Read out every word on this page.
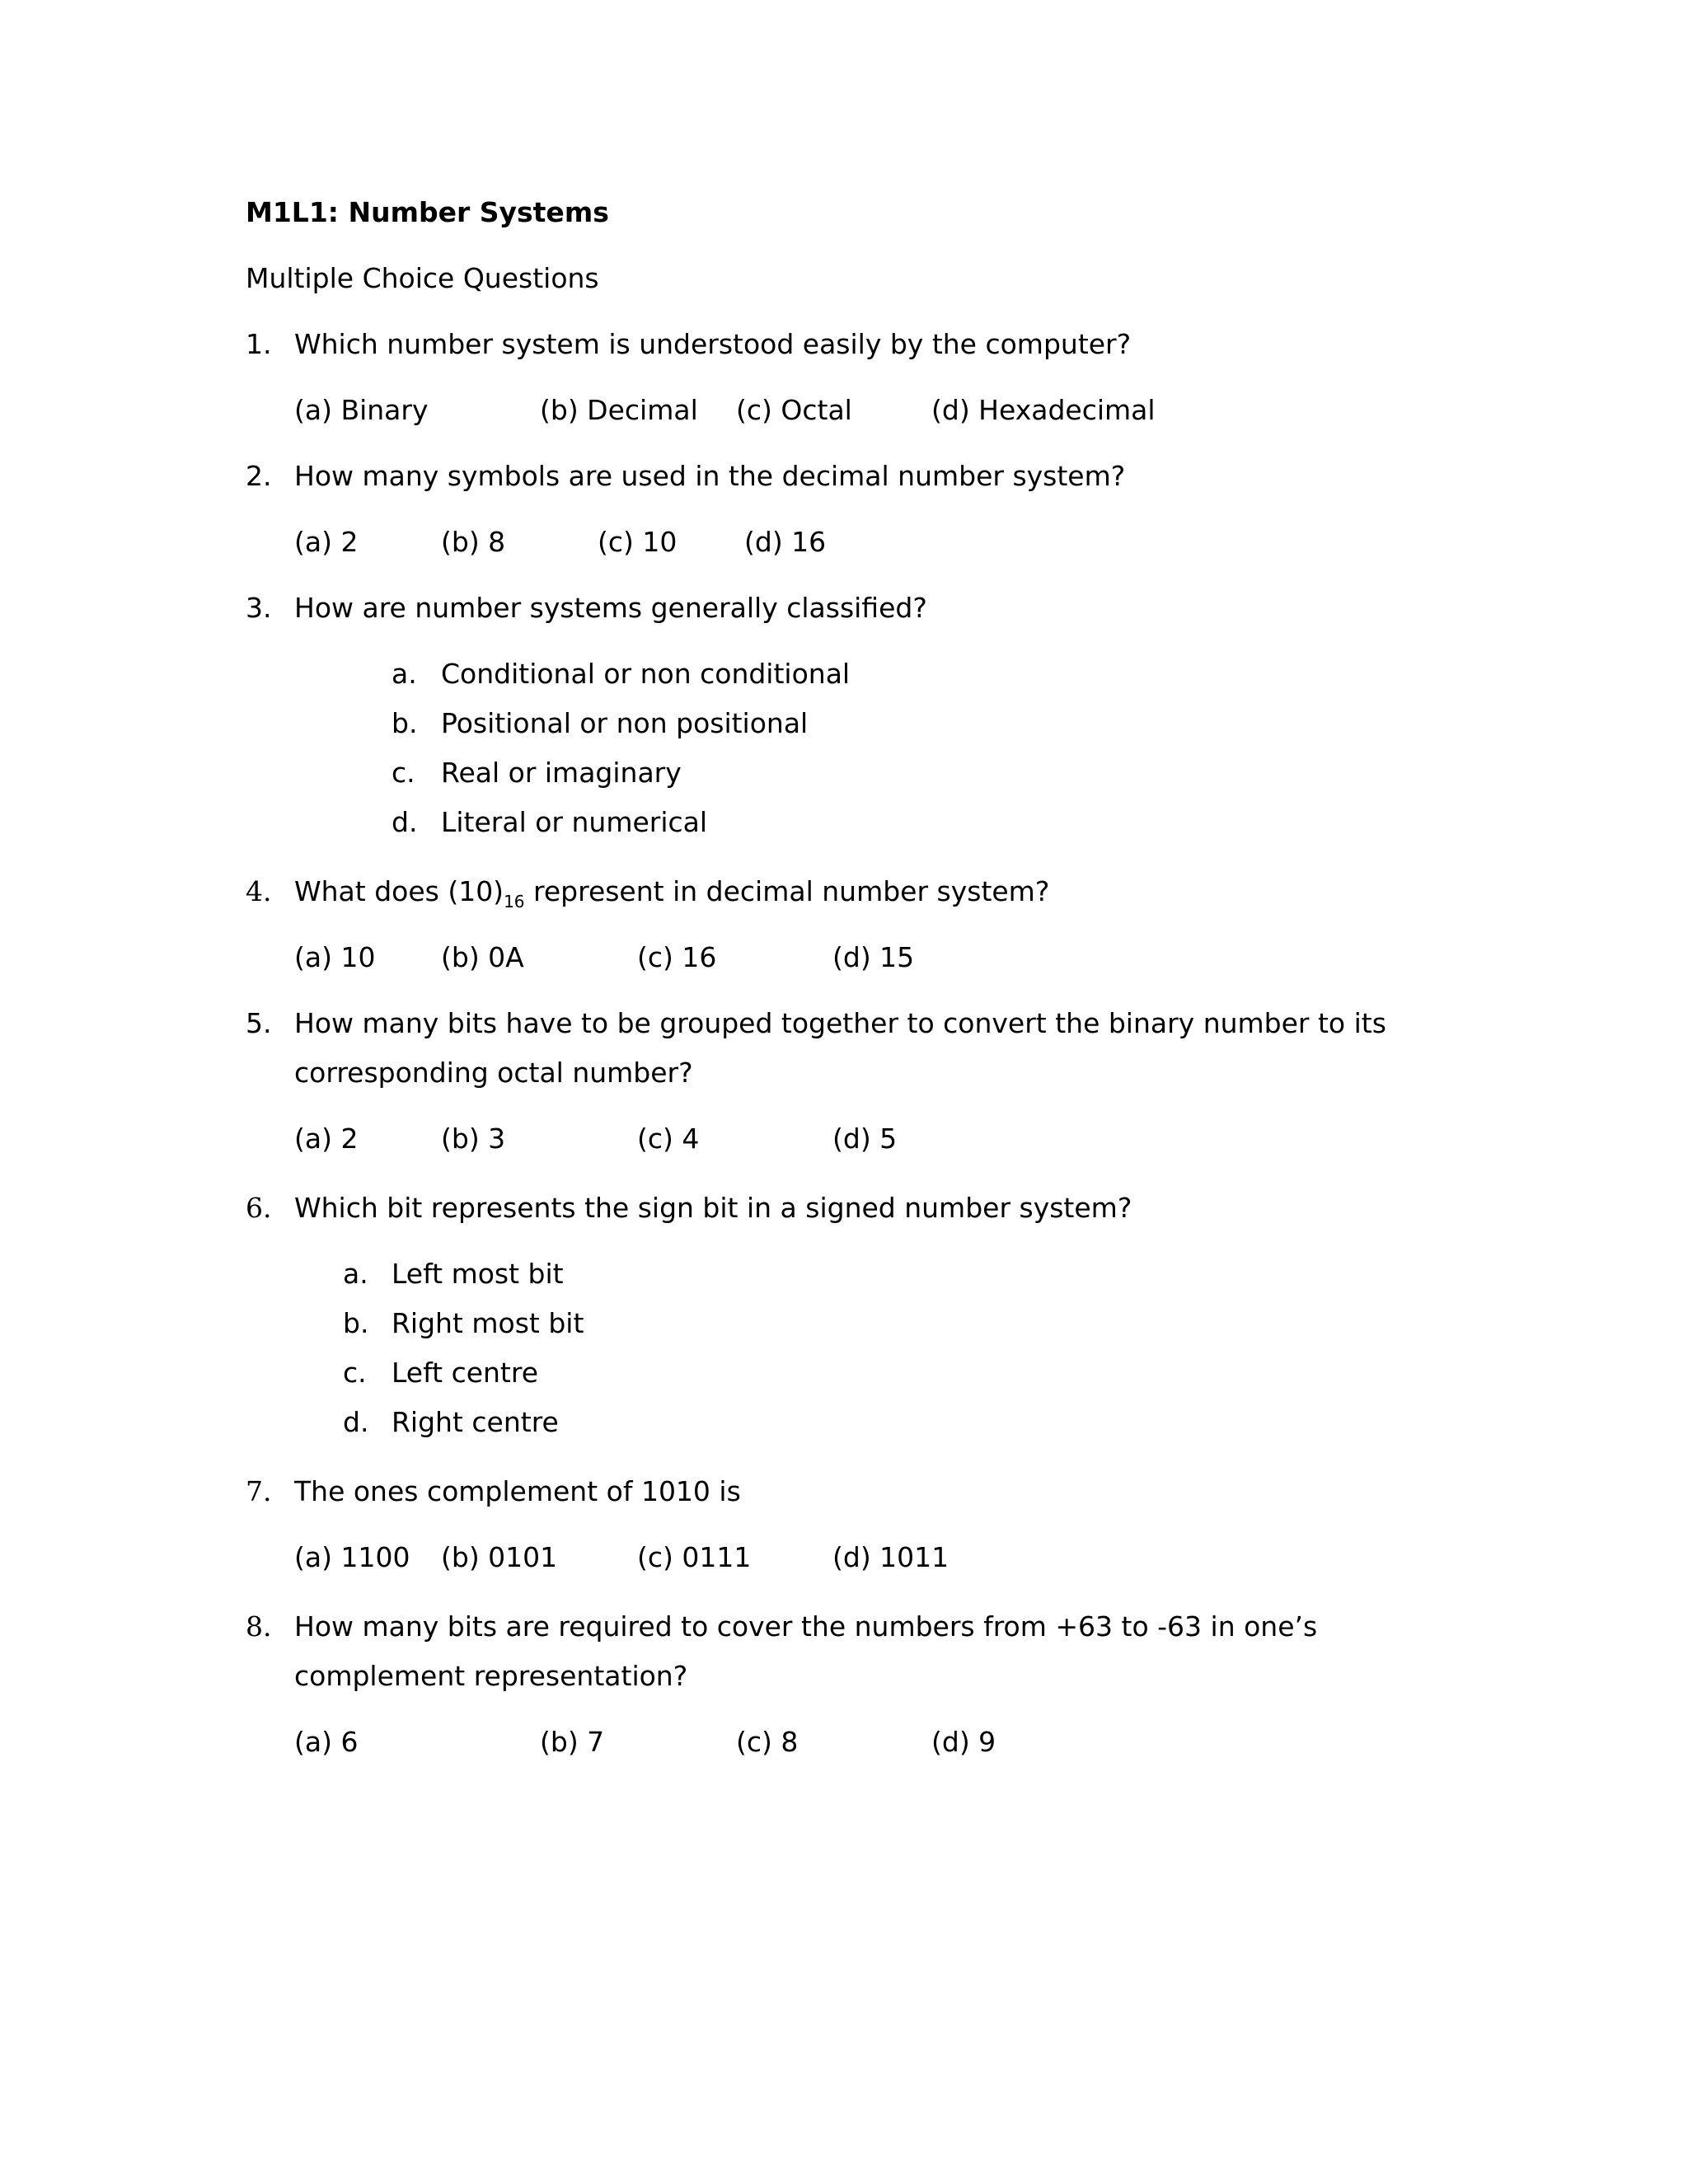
M1L1: Number Systems
Multiple Choice Questions
1. Which number system is understood easily by the computer?
(a) Binary	(b) Decimal (c) Octal	(d) Hexadecimal
2. How many symbols are used in the decimal number system?
(a) 2	(b) 8	(c) 10 (d) 16
3. How are number systems generally classified?
a. Conditional or non conditional
b. Positional or non positional
c. Real or imaginary
d. Literal or numerical
4. What does $(10)_{16}$ represent in decimal number system?
(a) 10 (b) 0A	(c) 16	(d) 15
5. How many bits have to be grouped together to convert the binary number to its
corresponding octal number?
(a) 2	(b) 3	(c) 4	(d) 5
6. Which bit represents the sign bit in a signed number system?
a. Left most bit
b. Right most bit
c. Left centre
d. Right centre
7. The ones complement of 1010 is
(a) 1100 (b) 0101	(c) 0111	(d) 1011
8. How many bits are required to cover the numbers from +63 to -63 in one’s
complement representation?
(a) 6	(b) 7	(c) 8	(d) 9
